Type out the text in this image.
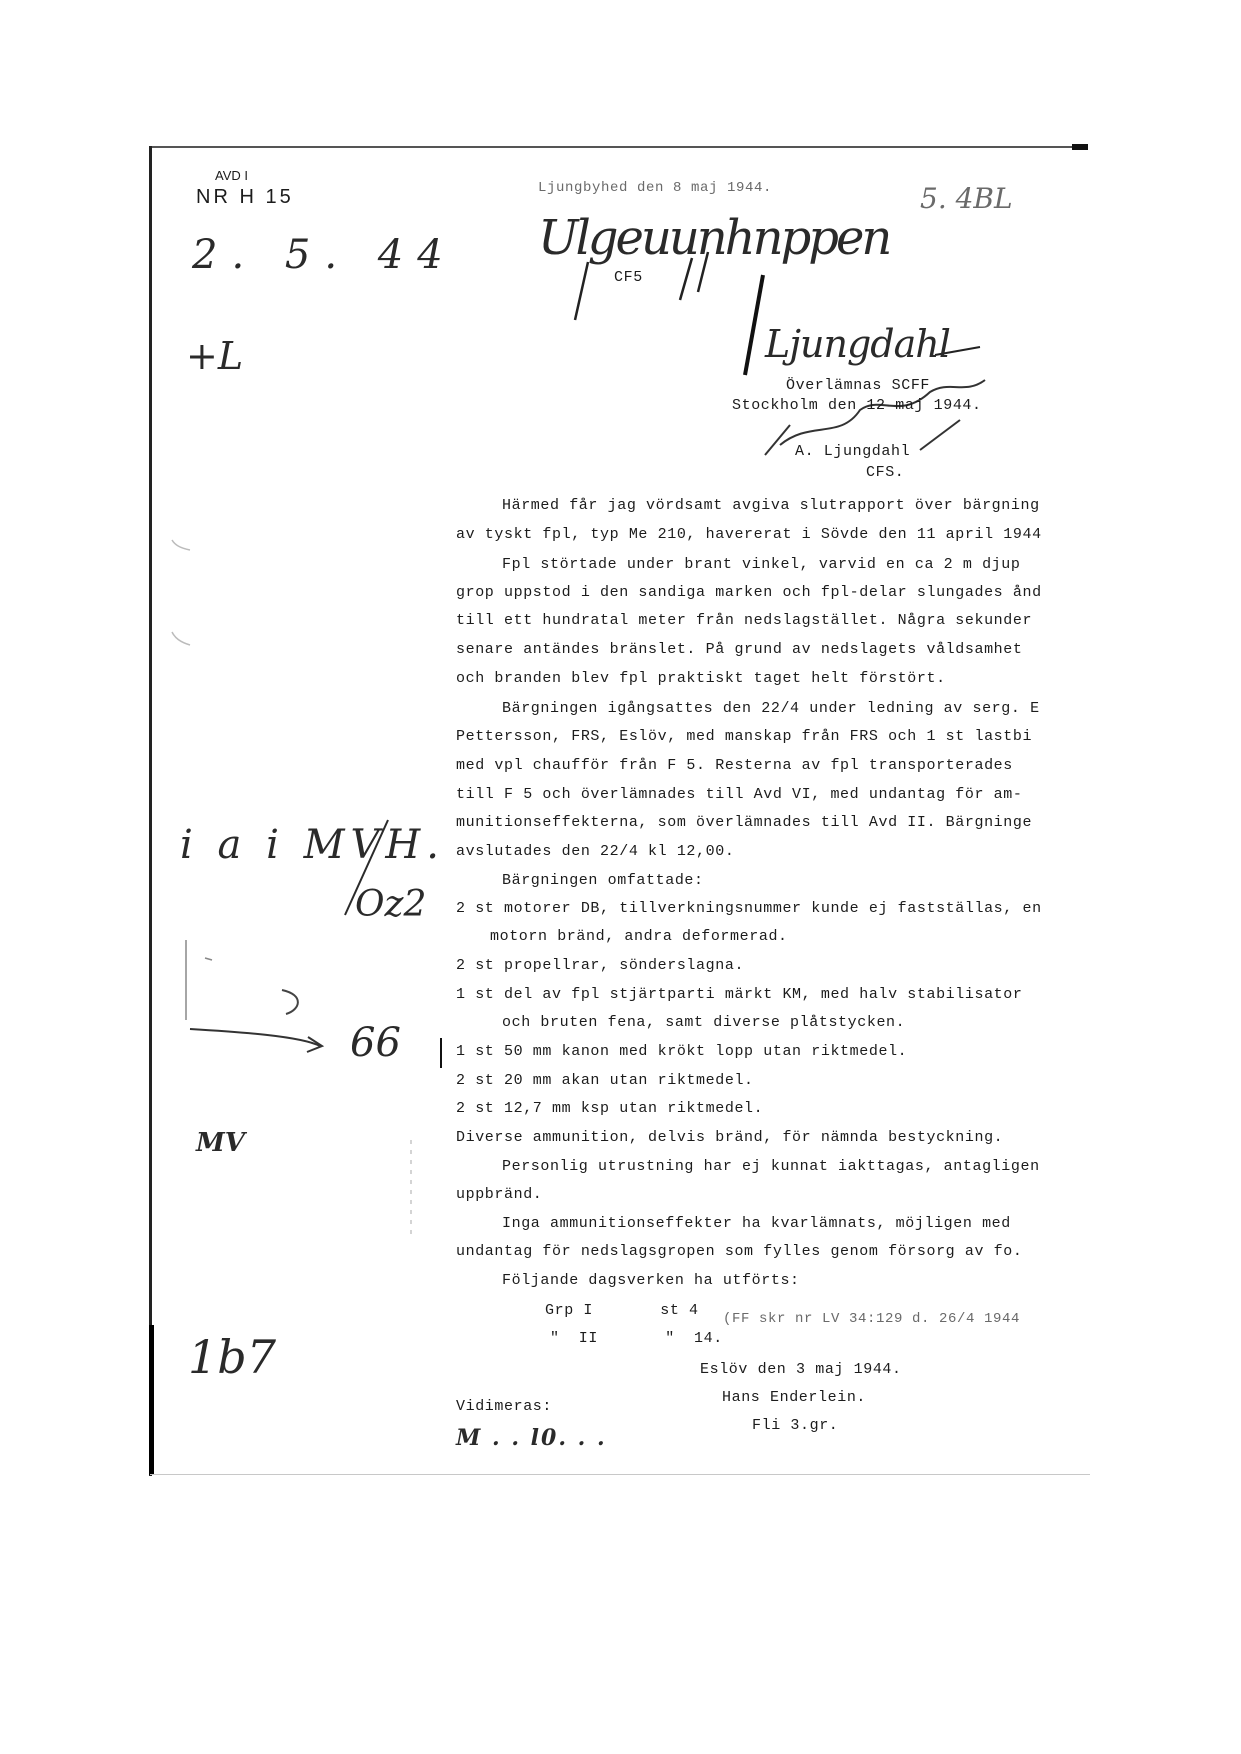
AVD I
NR H 15
2. 5. 44
+L
i a i MVH.
Oz2
66
MV
1b7
Ljungbyhed den 8 maj 1944.
Ulgeuunhnppen
CF5
5. 4BL
Ljungdahl
Överlämnas SCFF
Stockholm den 12 maj 1944.
A. Ljungdahl
CFS.
Härmed får jag vördsamt avgiva slutrapport över bärgning
av tyskt fpl, typ Me 210, havererat i Sövde den 11 april 1944
Fpl störtade under brant vinkel, varvid en ca 2 m djup
grop uppstod i den sandiga marken och fpl-delar slungades ånd
till ett hundratal meter från nedslagstället. Några sekunder
senare antändes bränslet. På grund av nedslagets våldsamhet
och branden blev fpl praktiskt taget helt förstört.
Bärgningen igångsattes den 22/4 under ledning av serg. E
Pettersson, FRS, Eslöv, med manskap från FRS och 1 st lastbi
med vpl chaufför från F 5. Resterna av fpl transporterades
till F 5 och överlämnades till Avd VI, med undantag för am-
munitionseffekterna, som överlämnades till Avd II. Bärgninge
avslutades den 22/4 kl 12,00.
Bärgningen omfattade:
2 st motorer DB, tillverkningsnummer kunde ej fastställas, en
motorn bränd, andra deformerad.
2 st propellrar, sönderslagna.
1 st del av fpl stjärtparti märkt KM, med halv stabilisator
och bruten fena, samt diverse plåtstycken.
1 st 50 mm kanon med krökt lopp utan riktmedel.
2 st 20 mm akan utan riktmedel.
2 st 12,7 mm ksp utan riktmedel.
Diverse ammunition, delvis bränd, för nämnda bestyckning.
Personlig utrustning har ej kunnat iakttagas, antagligen
uppbränd.
Inga ammunitionseffekter ha kvarlämnats, möjligen med
undantag för nedslagsgropen som fylles genom försorg av fo.
Följande dagsverken ha utförts:
Grp I       st 4
"  II       "  14.
(FF skr nr LV 34:129 d. 26/4 1944
Eslöv den 3 maj 1944.
Hans Enderlein.
Fli 3.gr.
Vidimeras:
M . . l0. . .
